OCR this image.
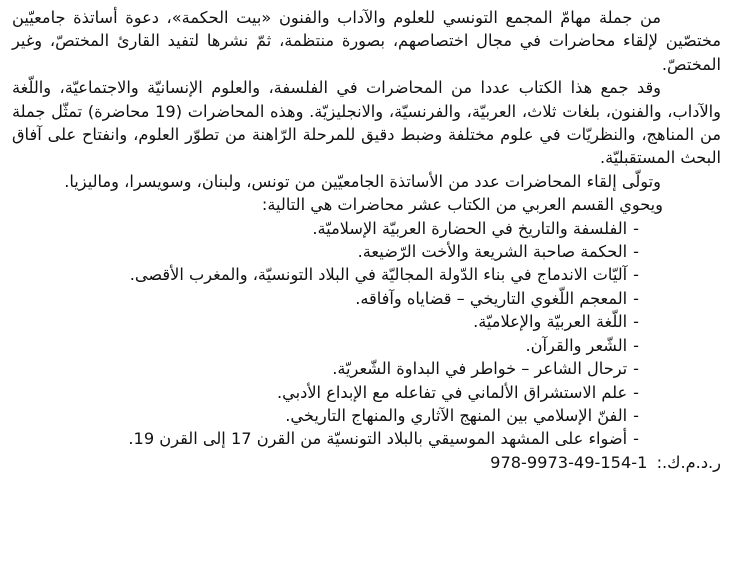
من جملة مهامّ المجمع التونسي للعلوم والآداب والفنون «بيت الحكمة»، دعوة أساتذة جامعيّين مختصّين لإلقاء محاضرات في مجال اختصاصهم، بصورة منتظمة، ثمّ نشرها لتفيد القارئ المختصّ، وغير المختصّ.

وقد جمع هذا الكتاب عددا من المحاضرات في الفلسفة، والعلوم الإنسانيّة والاجتماعيّة، واللّغة والآداب، والفنون، بلغات ثلاث، العربيّة، والفرنسيّة، والانجليزيّة. وهذه المحاضرات (19 محاضرة) تمثّل جملة من المناهج، والنظريّات في علوم مختلفة وضبط دقيق للمرحلة الرّاهنة من تطوّر العلوم، وانفتاح على آفاق البحث المستقبليّة.

وتولّى إلقاء المحاضرات عدد من الأساتذة الجامعيّين من تونس، ولبنان، وسويسرا، وماليزيا.

ويحوي القسم العربي من الكتاب عشر محاضرات هي التالية:

-الفلسفة والتاريخ في الحضارة العربيّة الإسلاميّة.
-الحكمة صاحبة الشريعة والأخت الرّضيعة.
-آليّات الاندماج في بناء الدّولة المجاليّة في البلاد التونسيّة، والمغرب الأقصى.
-المعجم اللّغوي التاريخي – قضاياه وآفاقه.
-اللّغة العربيّة والإعلاميّة.
-الشّعر والقرآن.
-ترحال الشاعر – خواطر في البداوة الشّعريّة.
-علم الاستشراق الألماني في تفاعله مع الإبداع الأدبي.
-الفنّ الإسلامي بين المنهج الآثاري والمنهاج التاريخي.
-أضواء على المشهد الموسيقي بالبلاد التونسيّة من القرن 17 إلى القرن 19.

ر.د.م.ك.: 978-9973-49-154-1
